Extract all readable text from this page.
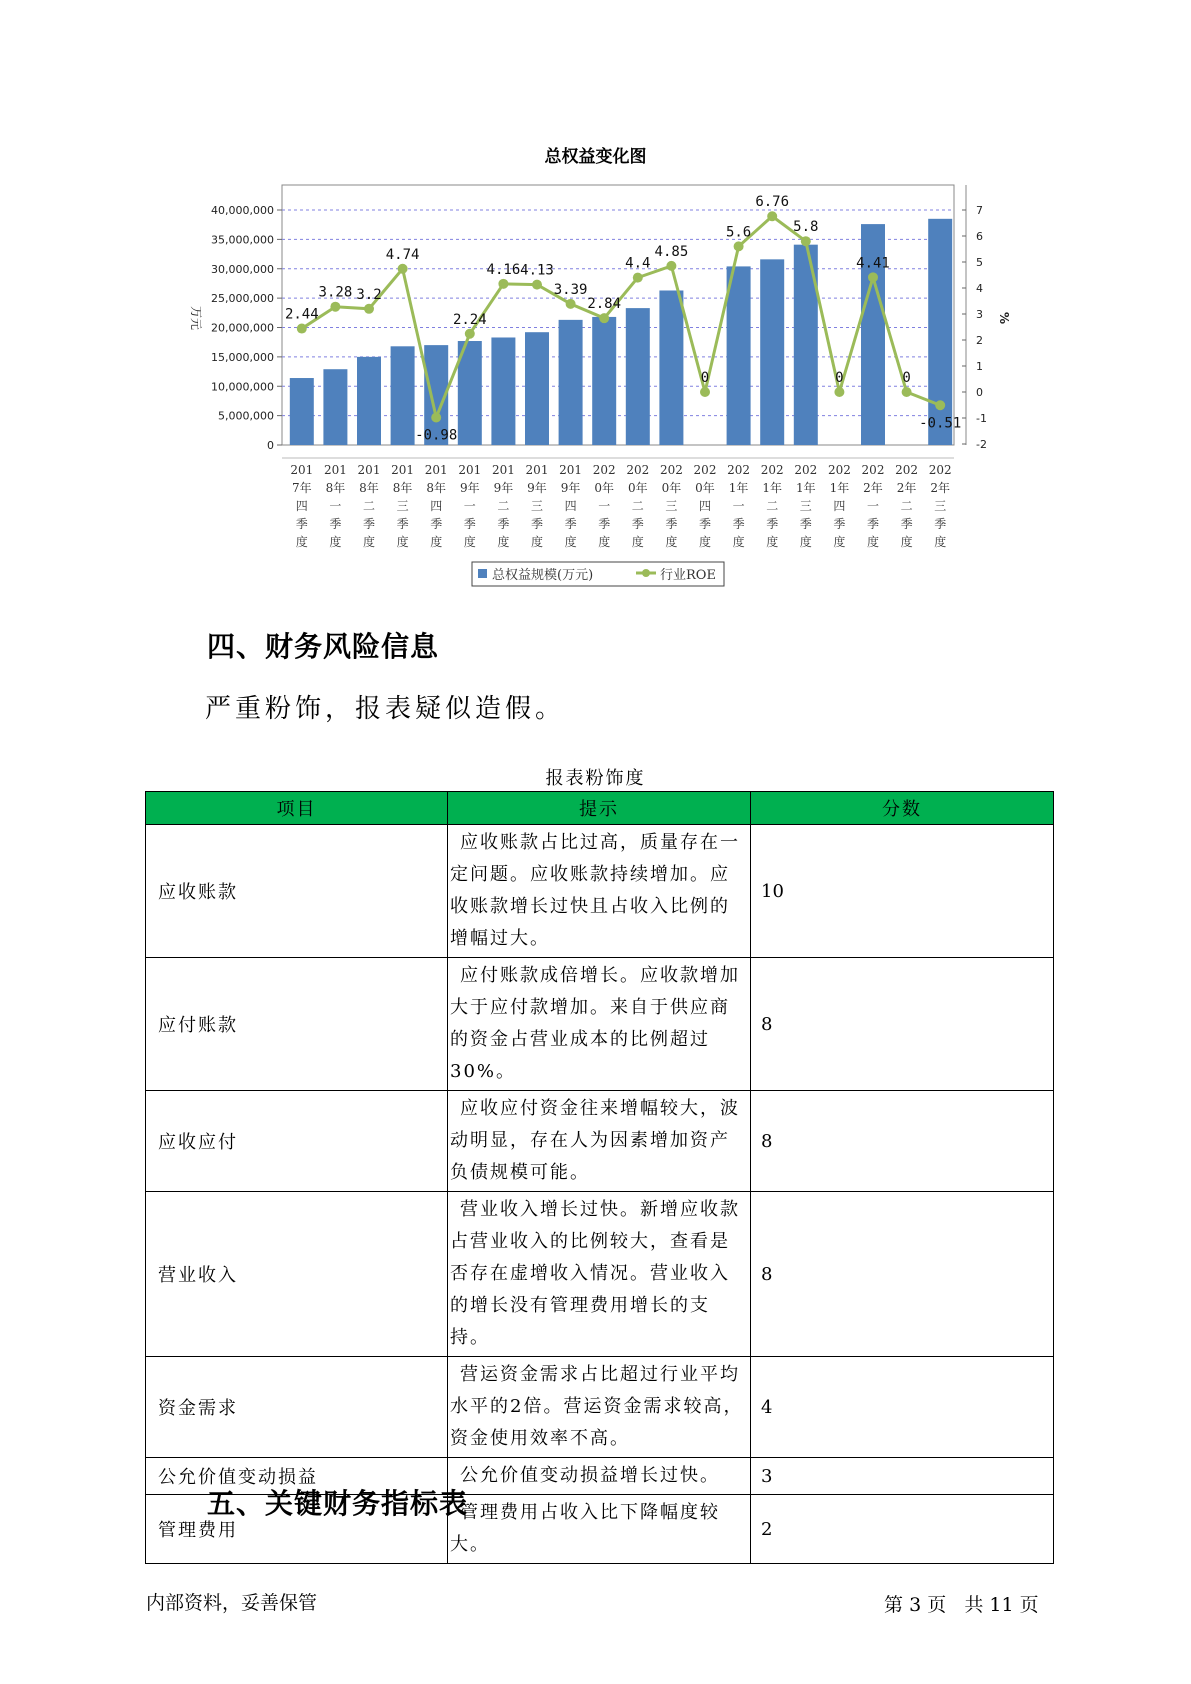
总权益变化图
0
5,000,000
10,000,000
15,000,000
20,000,000
25,000,000
30,000,000
35,000,000
40,000,000
万元
-2
-1
0
1
2
3
4
5
6
7
%
201
7年
四
季
度
201
8年
一
季
度
201
8年
二
季
度
201
8年
三
季
度
201
8年
四
季
度
201
9年
一
季
度
201
9年
二
季
度
201
9年
三
季
度
201
9年
四
季
度
202
0年
一
季
度
202
0年
二
季
度
202
0年
三
季
度
202
0年
四
季
度
202
1年
一
季
度
202
1年
二
季
度
202
1年
三
季
度
202
1年
四
季
度
202
2年
一
季
度
202
2年
二
季
度
202
2年
三
季
度
2.44
3.28 3.2
4.74
-0.98
2.24
4.16 4.13
3.39
2.84
4.4
4.85
0
5.6
6.76
5.8
0
4.41
0
-0.51
总权益规模(万元)	行业ROE
四、财务风险信息
严重粉饰，报表疑似造假。
报表粉饰度
项目	提示	分数
应收账款	应收账款占比过高，质量存在一定问题。应收账款持续增加。应收账款增长过快且占收入比例的增幅过大。	10
应付账款	应付账款成倍增长。应收款增加大于应付款增加。来自于供应商的资金占营业成本的比例超过30%。	8
应收应付	应收应付资金往来增幅较大，波动明显，存在人为因素增加资产负债规模可能。	8
营业收入	营业收入增长过快。新增应收款占营业收入的比例较大，查看是否存在虚增收入情况。营业收入的增长没有管理费用增长的支持。	8
资金需求	营运资金需求占比超过行业平均水平的2倍。营运资金需求较高，资金使用效率不高。	4
公允价值变动损益	公允价值变动损益增长过快。	3
管理费用	管理费用占收入比下降幅度较大。	2
五、关键财务指标表
内部资料，妥善保管	第 3 页 共 11 页
